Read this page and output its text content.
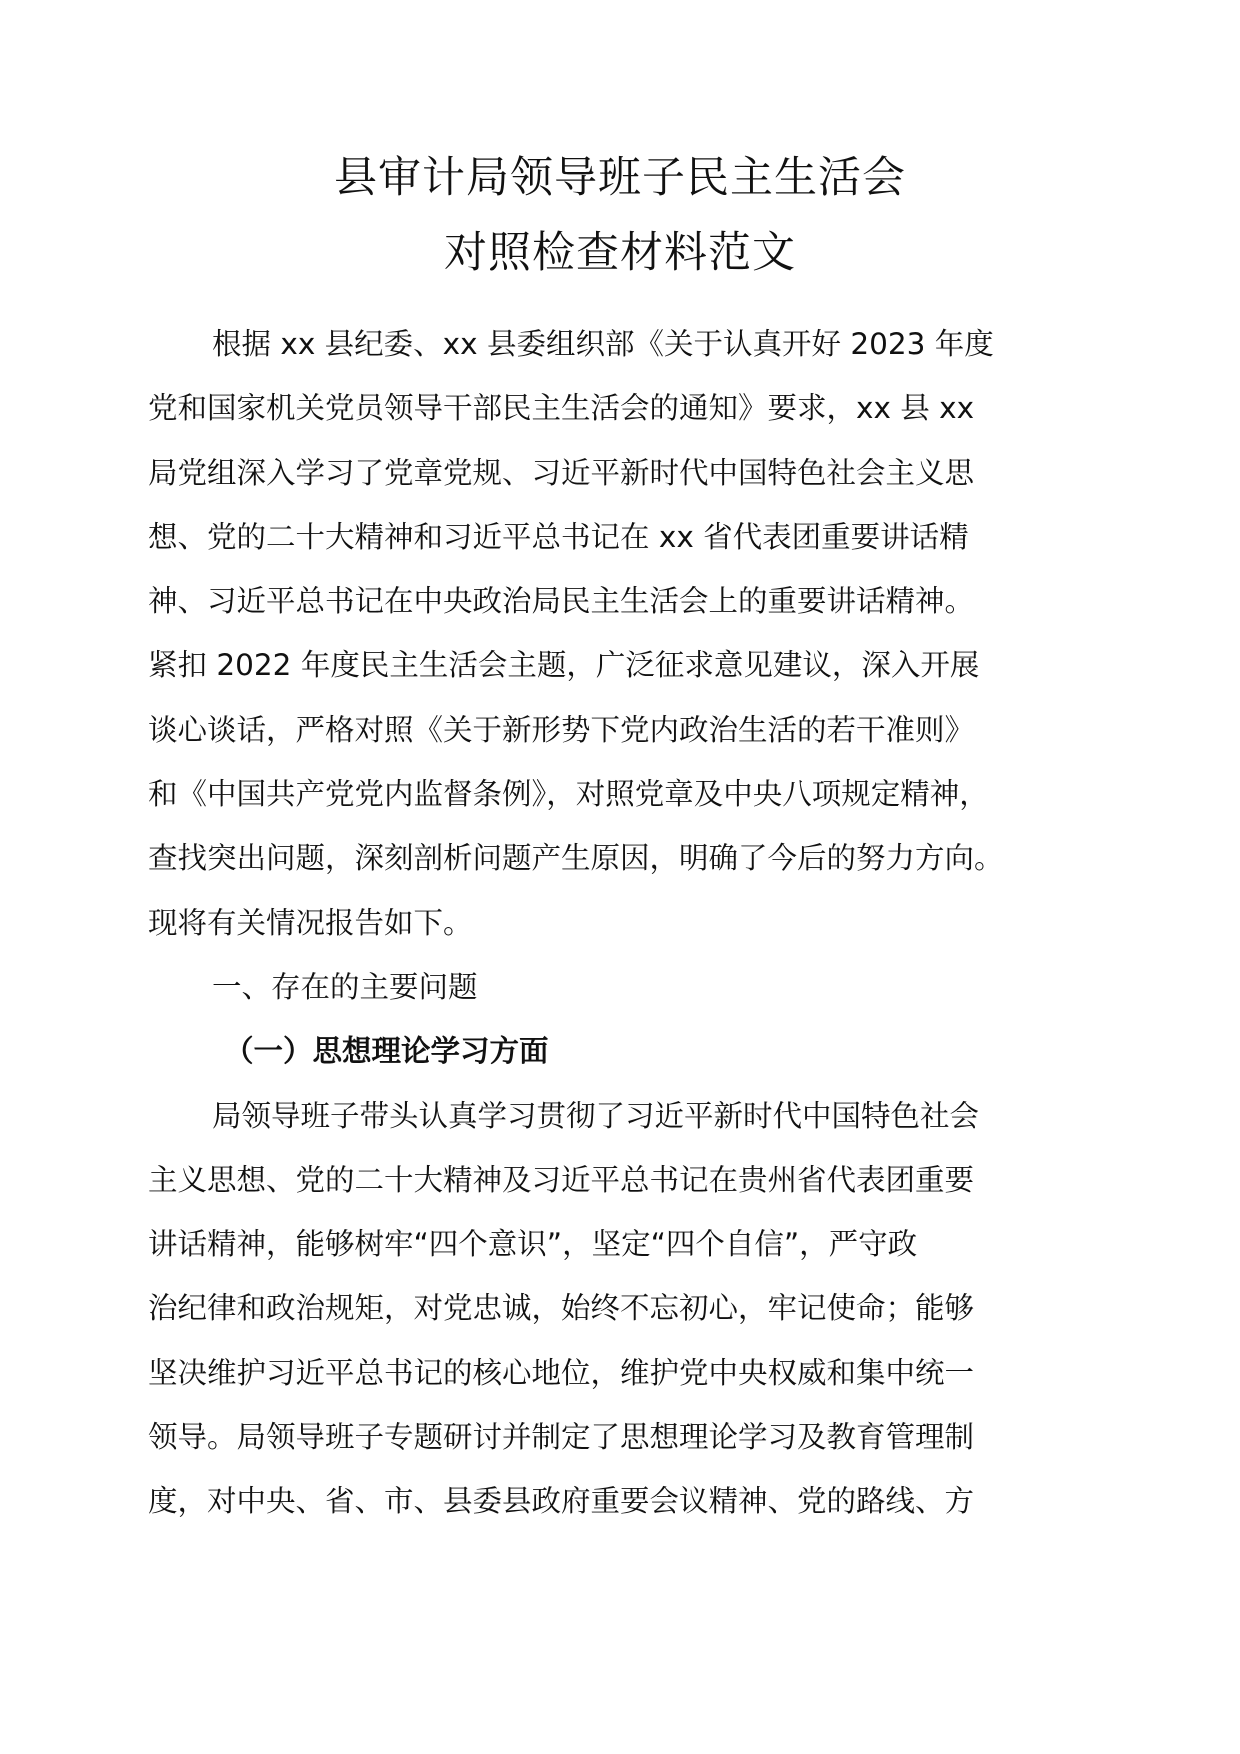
县审计局领导班子民主生活会
对照检查材料范文
根据 xx 县纪委、xx 县委组织部《关于认真开好 2023 年度
党和国家机关党员领导干部民主生活会的通知》要求，xx 县 xx
局党组深入学习了党章党规、习近平新时代中国特色社会主义思
想、党的二十大精神和习近平总书记在 xx 省代表团重要讲话精
神、习近平总书记在中央政治局民主生活会上的重要讲话精神。
紧扣 2022 年度民主生活会主题，广泛征求意见建议，深入开展
谈心谈话，严格对照《关于新形势下党内政治生活的若干准则》
和《中国共产党党内监督条例》，对照党章及中央八项规定精神，
查找突出问题，深刻剖析问题产生原因，明确了今后的努力方向。
现将有关情况报告如下。
一、存在的主要问题
（一）思想理论学习方面
局领导班子带头认真学习贯彻了习近平新时代中国特色社会
主义思想、党的二十大精神及习近平总书记在贵州省代表团重要
讲话精神，能够树牢“四个意识”，坚定“四个自信”，严守政
治纪律和政治规矩，对党忠诚，始终不忘初心，牢记使命；能够
坚决维护习近平总书记的核心地位，维护党中央权威和集中统一
领导。局领导班子专题研讨并制定了思想理论学习及教育管理制
度，对中央、省、市、县委县政府重要会议精神、党的路线、方
